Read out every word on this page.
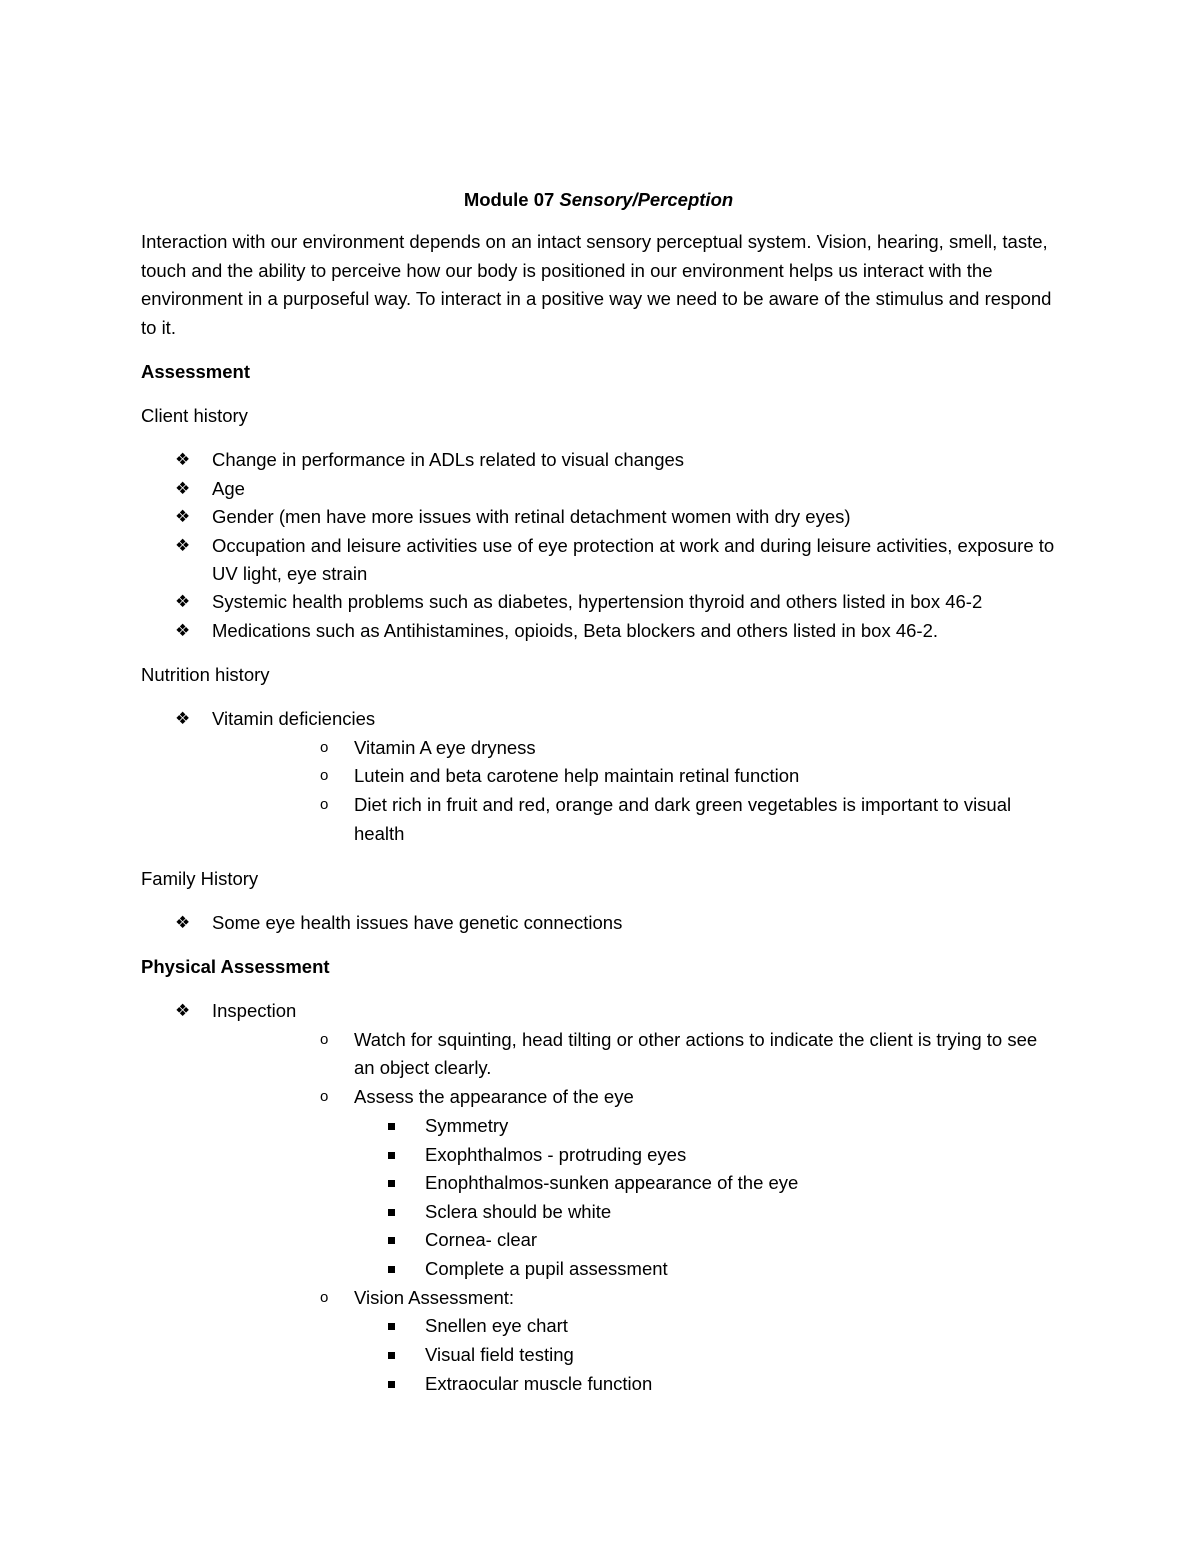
Module 07 Sensory/Perception

Interaction with our environment depends on an intact sensory perceptual system. Vision, hearing, smell, taste, touch and the ability to perceive how our body is positioned in our environment helps us interact with the environment in a purposeful way. To interact in a positive way we need to be aware of the stimulus and respond to it.

Assessment

Client history

❖ Change in performance in ADLs related to visual changes
❖ Age
❖ Gender (men have more issues with retinal detachment women with dry eyes)
❖ Occupation and leisure activities use of eye protection at work and during leisure activities, exposure to UV light, eye strain
❖ Systemic health problems such as diabetes, hypertension thyroid and others listed in box 46-2
❖ Medications such as Antihistamines, opioids, Beta blockers and others listed in box 46-2.

Nutrition history

❖ Vitamin deficiencies
o Vitamin A eye dryness
o Lutein and beta carotene help maintain retinal function
o Diet rich in fruit and red, orange and dark green vegetables is important to visual health

Family History

❖ Some eye health issues have genetic connections

Physical Assessment

❖ Inspection
o Watch for squinting, head tilting or other actions to indicate the client is trying to see an object clearly.
o Assess the appearance of the eye
Symmetry
Exophthalmos - protruding eyes
Enophthalmos-sunken appearance of the eye
Sclera should be white
Cornea- clear
Complete a pupil assessment
o Vision Assessment:
Snellen eye chart
Visual field testing
Extraocular muscle function
